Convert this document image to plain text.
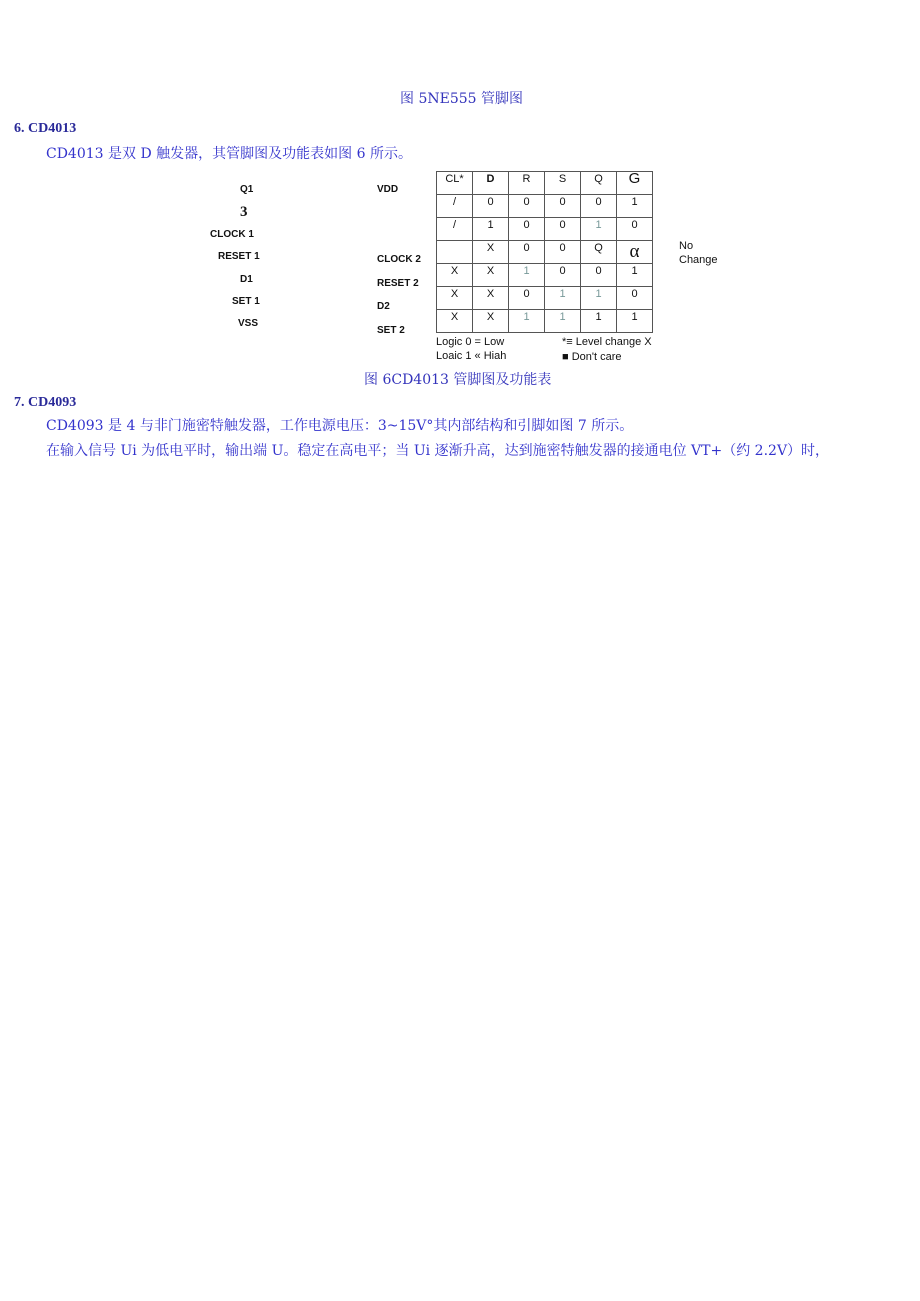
图 5NE555 管脚图
6. CD4013
CD4013 是双 D 触发器，其管脚图及功能表如图 6 所示。
Q1
3
CLOCK 1
RESET 1
D1
SET 1
VSS
VDD
CLOCK 2
RESET 2
D2
SET 2
CL*	D	R	S	Q	G
/	0	0	0	0	1
/	1	0	0	1	0
	X	0	0	Q	α
X	X	1	0	0	1
X	X	0	1	1	0
X	X	1	1	1	1
No
Change
Logic 0 = Low
Loaic 1 « Hiah
*≡ Level change X
■ Don't care
图 6CD4013 管脚图及功能表
7. CD4093
CD4093 是 4 与非门施密特触发器，工作电源电压：3~15V°其内部结构和引脚如图 7 所示。
在输入信号 Ui 为低电平时，输出端 U。稳定在高电平；当 Ui 逐渐升高，达到施密特触发器的接通电位 VT+（约 2.2V）时，
